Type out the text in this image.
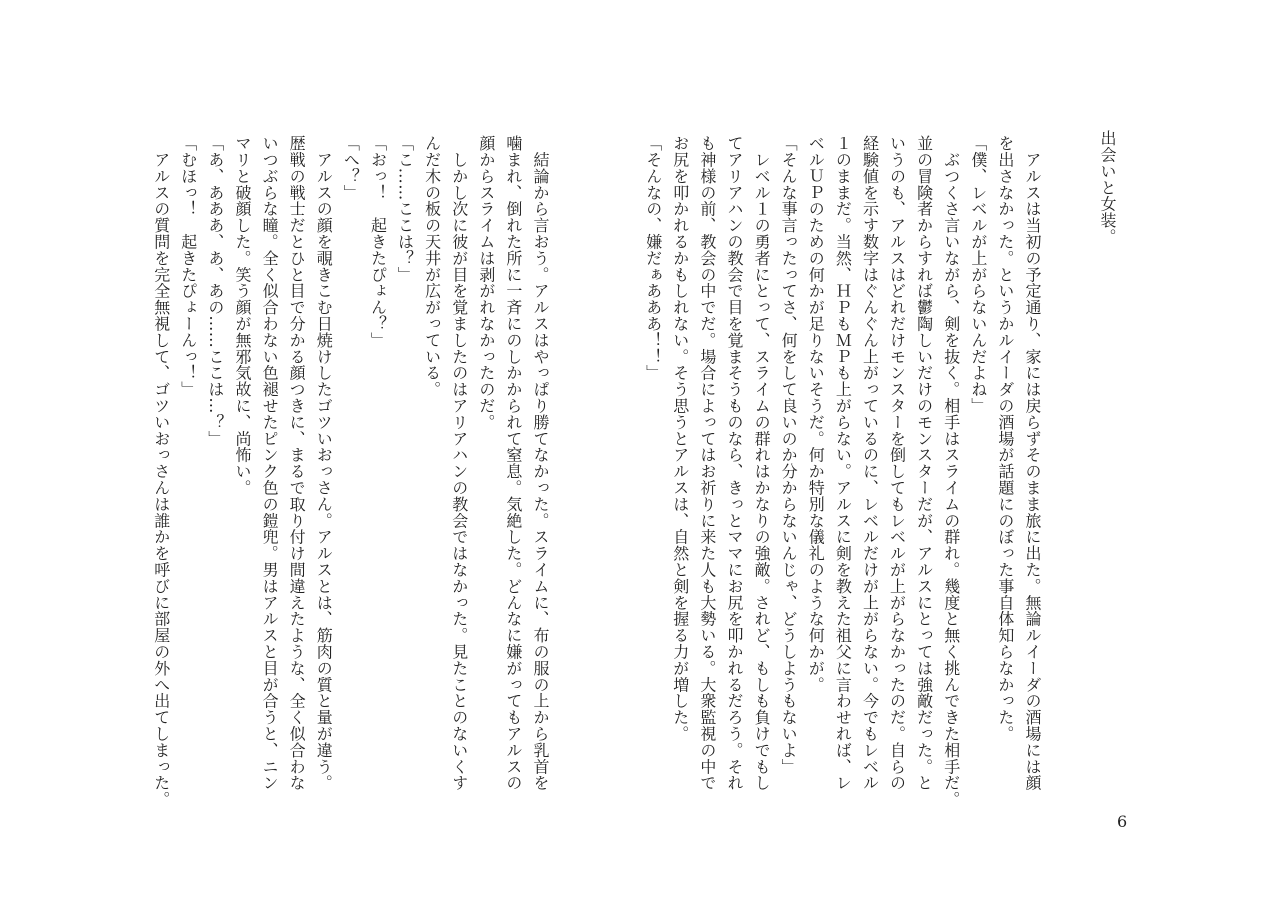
出会いと女装。
　アルスは当初の予定通り、家には戻らずそのまま旅に出た。無論ルイーダの酒場には顔
を出さなかった。というかルイーダの酒場が話題にのぼった事自体知らなかった。
「僕、レベルが上がらないんだよね」
　ぶつくさ言いながら、剣を抜く。相手はスライムの群れ。幾度と無く挑んできた相手だ。
並の冒険者からすれば鬱陶しいだけのモンスターだが、アルスにとっては強敵だった。と
いうのも、アルスはどれだけモンスターを倒してもレベルが上がらなかったのだ。自らの
経験値を示す数字はぐんぐん上がっているのに、レベルだけが上がらない。今でもレベル
１のままだ。当然、ＨＰもＭＰも上がらない。アルスに剣を教えた祖父に言わせれば、レ
ベルＵＰのための何かが足りないそうだ。何か特別な儀礼のような何かが。
「そんな事言ったってさ、何をして良いのか分からないんじゃ、どうしようもないよ」
　レベル１の勇者にとって、スライムの群れはかなりの強敵。されど、もしも負けでもし
てアリアハンの教会で目を覚まそうものなら、きっとママにお尻を叩かれるだろう。それ
も神様の前、教会の中でだ。場合によってはお祈りに来た人も大勢いる。大衆監視の中で
お尻を叩かれるかもしれない。そう思うとアルスは、自然と剣を握る力が増した。
「そんなの、嫌だぁあああ！！」
　結論から言おう。アルスはやっぱり勝てなかった。スライムに、布の服の上から乳首を
噛まれ、倒れた所に一斉にのしかかられて窒息。気絶した。どんなに嫌がってもアルスの
顔からスライムは剥がれなかったのだ。
　しかし次に彼が目を覚ましたのはアリアハンの教会ではなかった。見たことのないくす
んだ木の板の天井が広がっている。
「こ……ここは？」
「おっ！　起きたぴょん？」
「へ？」
　アルスの顔を覗きこむ日焼けしたゴツいおっさん。アルスとは、筋肉の質と量が違う。
歴戦の戦士だとひと目で分かる顔つきに、まるで取り付け間違えたような、全く似合わな
いつぶらな瞳。全く似合わない色褪せたピンク色の鎧兜。男はアルスと目が合うと、ニン
マリと破顔した。笑う顔が無邪気故に、尚怖い。
「あ、あああ、あ、あの……ここは…？」
「むほっ！　起きたぴょーんっ！」
　アルスの質問を完全無視して、ゴツいおっさんは誰かを呼びに部屋の外へ出てしまった。
6
